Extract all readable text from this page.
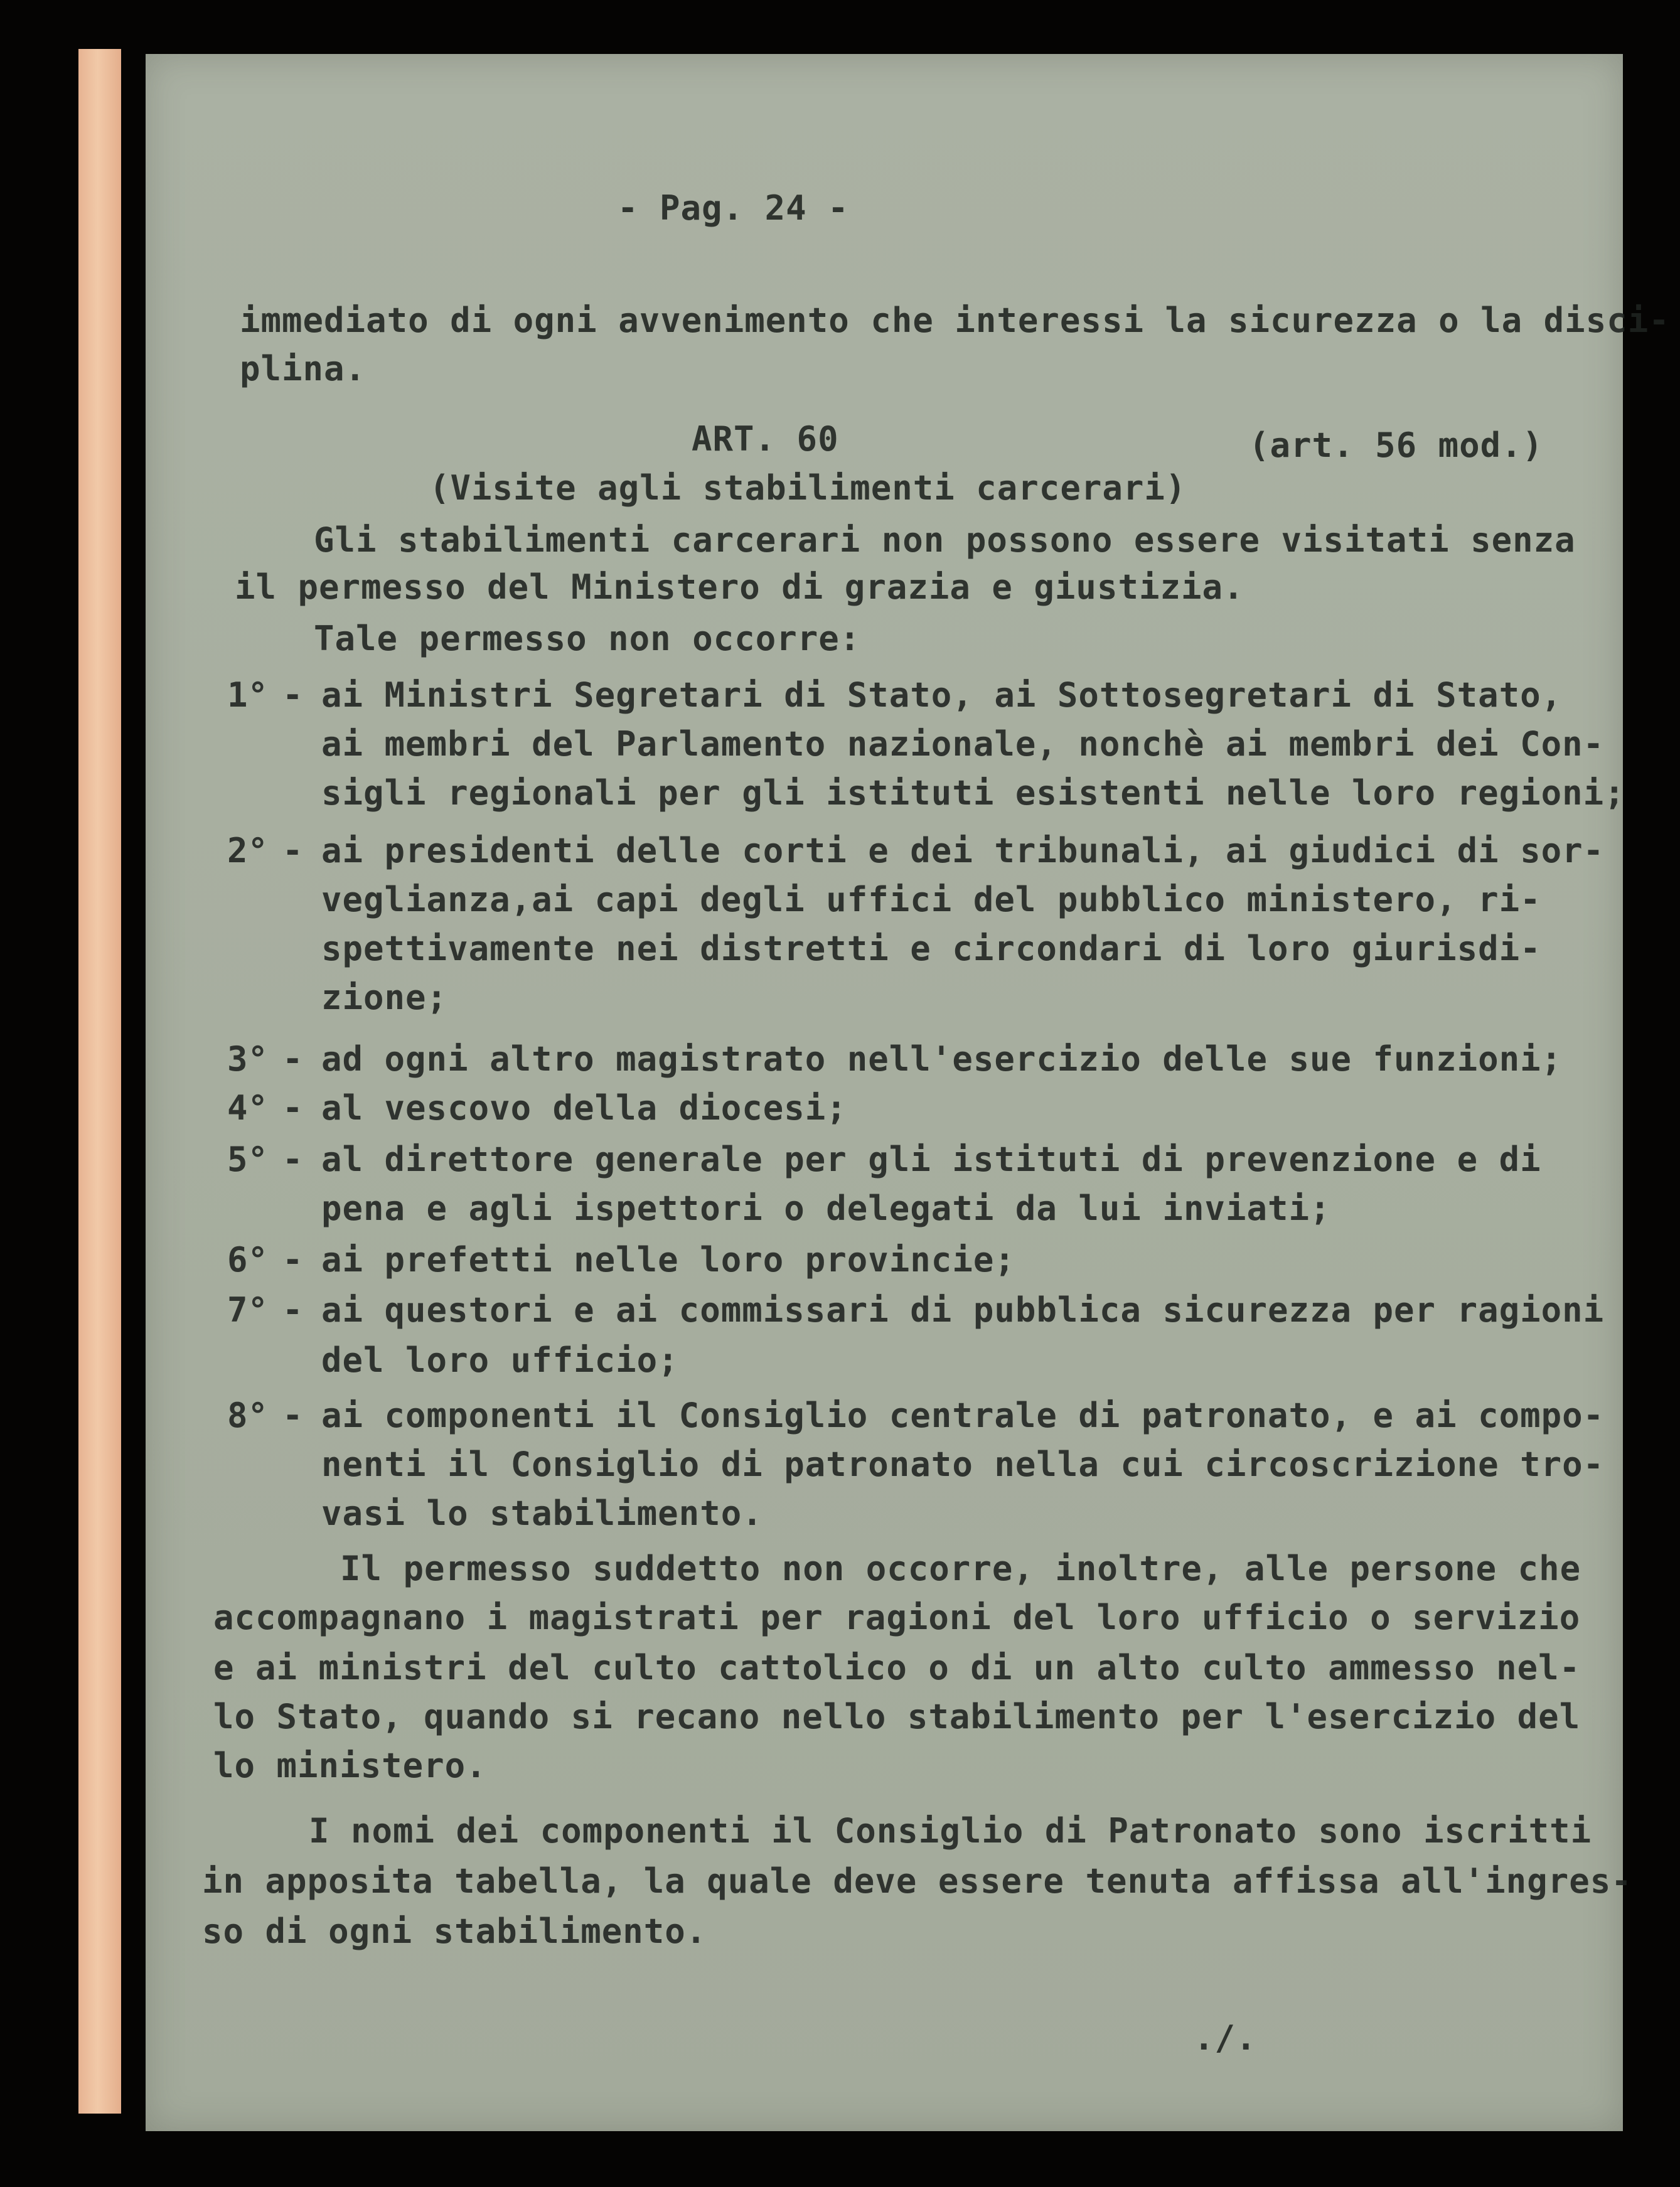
- Pag. 24 -
immediato di ogni avvenimento che interessi la sicurezza o la disci-
plina.
ART. 60	(art. 56 mod.)
(Visite agli stabilimenti carcerari)
Gli stabilimenti carcerari non possono essere visitati senza
il permesso del Ministero di grazia e giustizia.
Tale permesso non occorre:
1° - ai Ministri Segretari di Stato, ai Sottosegretari di Stato,
ai membri del Parlamento nazionale, nonchè ai membri dei Con-
sigli regionali per gli istituti esistenti nelle loro regioni;
2° - ai presidenti delle corti e dei tribunali, ai giudici di sor-
veglianza,ai capi degli uffici del pubblico ministero, ri-
spettivamente nei distretti e circondari di loro giurisdi-
zione;
3° - ad ogni altro magistrato nell'esercizio delle sue funzioni;
4° - al vescovo della diocesi;
5° - al direttore generale per gli istituti di prevenzione e di
pena e agli ispettori o delegati da lui inviati;
6° - ai prefetti nelle loro provincie;
7° - ai questori e ai commissari di pubblica sicurezza per ragioni
del loro ufficio;
8° - ai componenti il Consiglio centrale di patronato, e ai compo-
nenti il Consiglio di patronato nella cui circoscrizione tro-
vasi lo stabilimento.
Il permesso suddetto non occorre, inoltre, alle persone che
accompagnano i magistrati per ragioni del loro ufficio o servizio
e ai ministri del culto cattolico o di un alto culto ammesso nel-
lo Stato, quando si recano nello stabilimento per l'esercizio del
lo ministero.
I nomi dei componenti il Consiglio di Patronato sono iscritti
in apposita tabella, la quale deve essere tenuta affissa all'ingres-
so di ogni stabilimento.
./.
